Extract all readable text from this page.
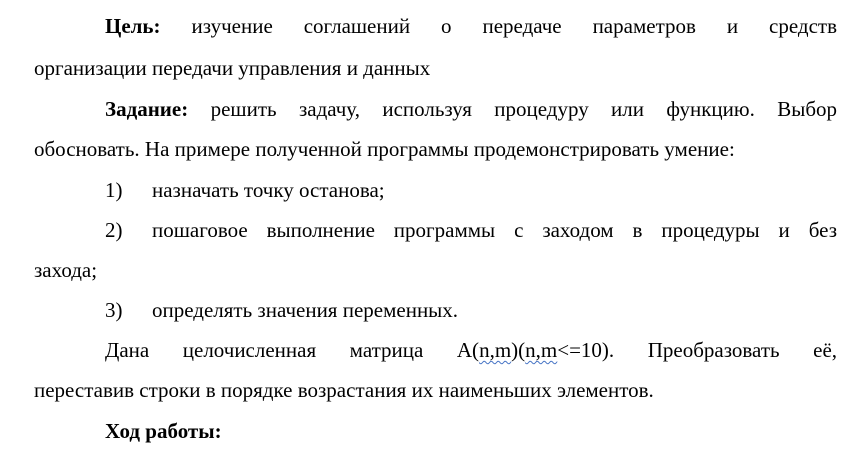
Цель: изучение соглашений о передаче параметров и средств
организации передачи управления и данных
Задание: решить задачу, используя процедуру или функцию. Выбор
обосновать. На примере полученной программы продемонстрировать умение:
1) назначать точку останова;
2) пошаговое выполнение программы с заходом в процедуры и без
захода;
3) определять значения переменных.
Дана целочисленная матрица A(n,m)(n,m<=10). Преобразовать её,
переставив строки в порядке возрастания их наименьших элементов.
Ход работы:
